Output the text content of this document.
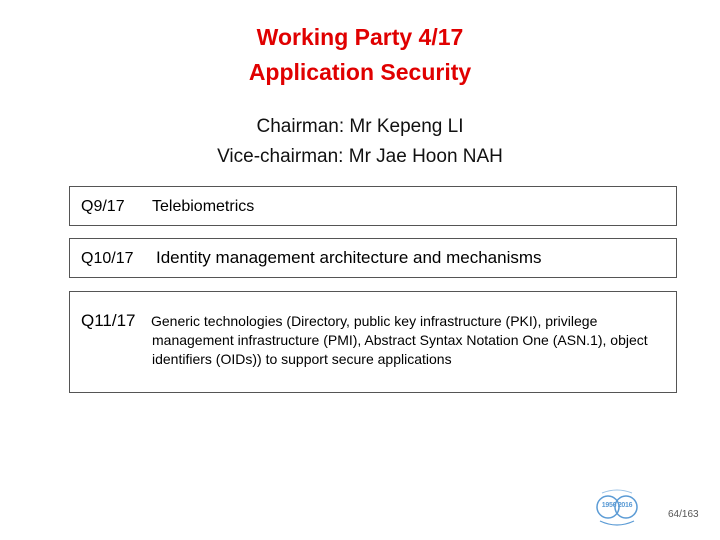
Working Party 4/17
Application Security
Chairman: Mr Kepeng LI
Vice-chairman: Mr Jae Hoon NAH
Q9/17 Telebiometrics
Q10/17 Identity management architecture and mechanisms
Q11/17 Generic technologies (Directory, public key infrastructure (PKI), privilege management infrastructure (PMI), Abstract Syntax Notation One (ASN.1), object identifiers (OIDs)) to support secure applications
1956 2016
64/163
